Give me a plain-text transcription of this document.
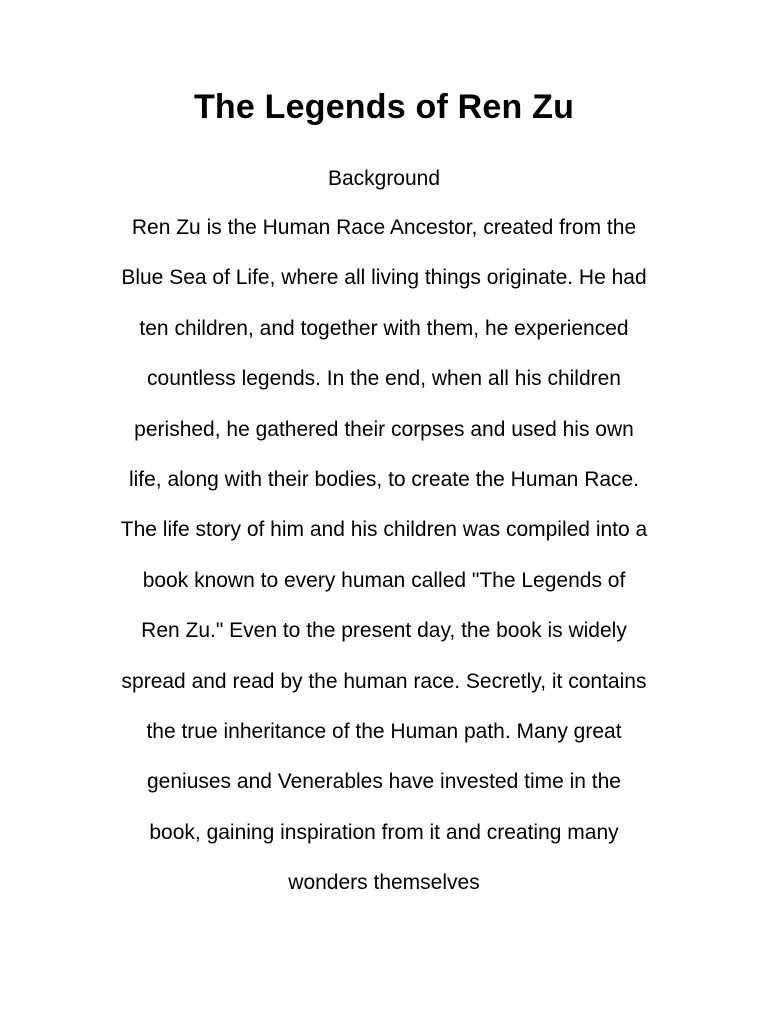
The Legends of Ren Zu
Background
Ren Zu is the Human Race Ancestor, created from the
Blue Sea of Life, where all living things originate. He had
ten children, and together with them, he experienced
countless legends. In the end, when all his children
perished, he gathered their corpses and used his own
life, along with their bodies, to create the Human Race.
The life story of him and his children was compiled into a
book known to every human called "The Legends of
Ren Zu." Even to the present day, the book is widely
spread and read by the human race. Secretly, it contains
the true inheritance of the Human path. Many great
geniuses and Venerables have invested time in the
book, gaining inspiration from it and creating many
wonders themselves
